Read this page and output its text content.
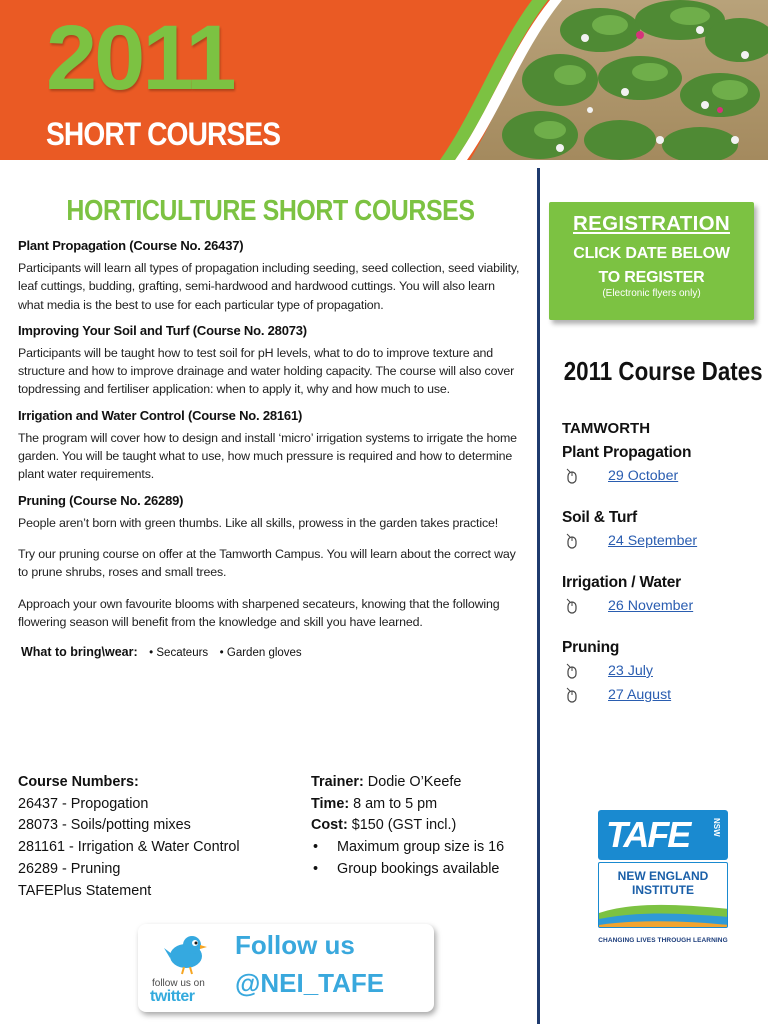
2011
SHORT COURSES
HORTICULTURE SHORT COURSES
Plant Propagation (Course No. 26437)
Participants will learn all types of propagation including seeding, seed collection, seed viability, leaf cuttings, budding, grafting, semi-hardwood and hardwood cuttings. You will also learn what media is the best to use for each particular type of propagation.
Improving Your Soil and Turf (Course No. 28073)
Participants will be taught how to test soil for pH levels, what to do to improve texture and structure and how to improve drainage and water holding capacity. The course will also cover topdressing and fertiliser application: when to apply it, why and how much to use.
Irrigation and Water Control (Course No. 28161)
The program will cover how to design and install ‘micro’ irrigation systems to irrigate the home garden. You will be taught what to use, how much pressure is required and how to determine plant water requirements.
Pruning (Course No. 26289)
People aren’t born with green thumbs. Like all skills, prowess in the garden takes practice!
Try our pruning course on offer at the Tamworth Campus. You will learn about the correct way to prune shrubs, roses and small trees.
Approach your own favourite blooms with sharpened secateurs, knowing that the following flowering season will benefit from the knowledge and skill you have learned.
What to bring\wear: • Secateurs • Garden gloves
Course Numbers:
26437 - Propogation
28073 - Soils/potting mixes
281161 - Irrigation & Water Control
26289 - Pruning
TAFEPlus Statement
Trainer: Dodie O’Keefe
Time: 8 am to 5 pm
Cost: $150 (GST incl.)
• Maximum group size is 16
• Group bookings available
follow us on
twitter
Follow us
@NEI_TAFE
REGISTRATION
CLICK DATE BELOW
TO REGISTER
(Electronic flyers only)
2011 Course Dates
TAMWORTH
Plant Propagation
29 October
Soil & Turf
24 September
Irrigation / Water
26 November
Pruning
23 July
27 August
TAFE	NSW
NEW ENGLAND
INSTITUTE
CHANGING LIVES THROUGH LEARNING
